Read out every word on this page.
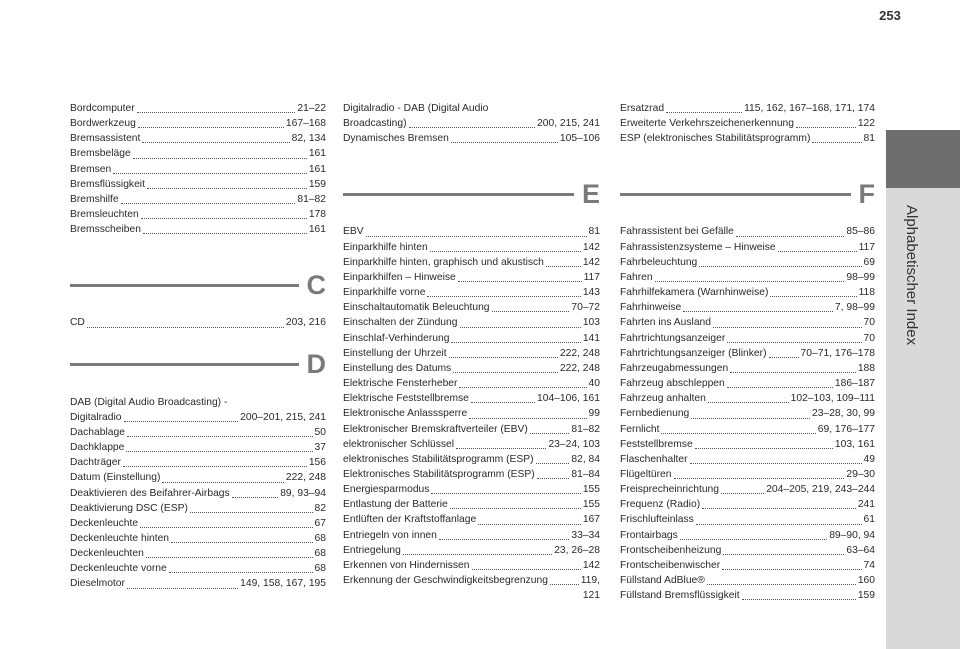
253
Alphabetischer Index
Bordcomputer	21–22
Bordwerkzeug	167–168
Bremsassistent	82, 134
Bremsbeläge	161
Bremsen	161
Bremsflüssigkeit	159
Bremshilfe	81–82
Bremsleuchten	178
Bremsscheiben	161
C
CD	203, 216
D
DAB (Digital Audio Broadcasting) -
Digitalradio	200–201, 215, 241
Dachablage	50
Dachklappe	37
Dachträger	156
Datum (Einstellung)	222, 248
Deaktivieren des Beifahrer-Airbags	89, 93–94
Deaktivierung DSC (ESP)	82
Deckenleuchte	67
Deckenleuchte hinten	68
Deckenleuchten	68
Deckenleuchte vorne	68
Dieselmotor	149, 158, 167, 195
Digitalradio - DAB (Digital Audio
Broadcasting)	200, 215, 241
Dynamisches Bremsen	105–106
E
EBV	81
Einparkhilfe hinten	142
Einparkhilfe hinten, graphisch und akustisch	142
Einparkhilfen – Hinweise	117
Einparkhilfe vorne	143
Einschaltautomatik Beleuchtung	70–72
Einschalten der Zündung	103
Einschlaf-Verhinderung	141
Einstellung der Uhrzeit	222, 248
Einstellung des Datums	222, 248
Elektrische Fensterheber	40
Elektrische Feststellbremse	104–106, 161
Elektronische Anlasssperre	99
Elektronischer Bremskraftverteiler (EBV)	81–82
elektronischer Schlüssel	23–24, 103
elektronisches Stabilitätsprogramm (ESP)	82, 84
Elektronisches Stabilitätsprogramm (ESP)	81–84
Energiesparmodus	155
Entlastung der Batterie	155
Entlüften der Kraftstoffanlage	167
Entriegeln von innen	33–34
Entriegelung	23, 26–28
Erkennen von Hindernissen	142
Erkennung der Geschwindigkeitsbegrenzung	119,
121
Ersatzrad	115, 162, 167–168, 171, 174
Erweiterte Verkehrszeichenerkennung	122
ESP (elektronisches Stabilitätsprogramm)	81
F
Fahrassistent bei Gefälle	85–86
Fahrassistenzsysteme – Hinweise	117
Fahrbeleuchtung	69
Fahren	98–99
Fahrhilfekamera (Warnhinweise)	118
Fahrhinweise	7, 98–99
Fahrten ins Ausland	70
Fahrtrichtungsanzeiger	70
Fahrtrichtungsanzeiger (Blinker)	70–71, 176–178
Fahrzeugabmessungen	188
Fahrzeug abschleppen	186–187
Fahrzeug anhalten	102–103, 109–111
Fernbedienung	23–28, 30, 99
Fernlicht	69, 176–177
Feststellbremse	103, 161
Flaschenhalter	49
Flügeltüren	29–30
Freisprecheinrichtung	204–205, 219, 243–244
Frequenz (Radio)	241
Frischlufteinlass	61
Frontairbags	89–90, 94
Frontscheibenheizung	63–64
Frontscheibenwischer	74
Füllstand AdBlue®	160
Füllstand Bremsflüssigkeit	159
